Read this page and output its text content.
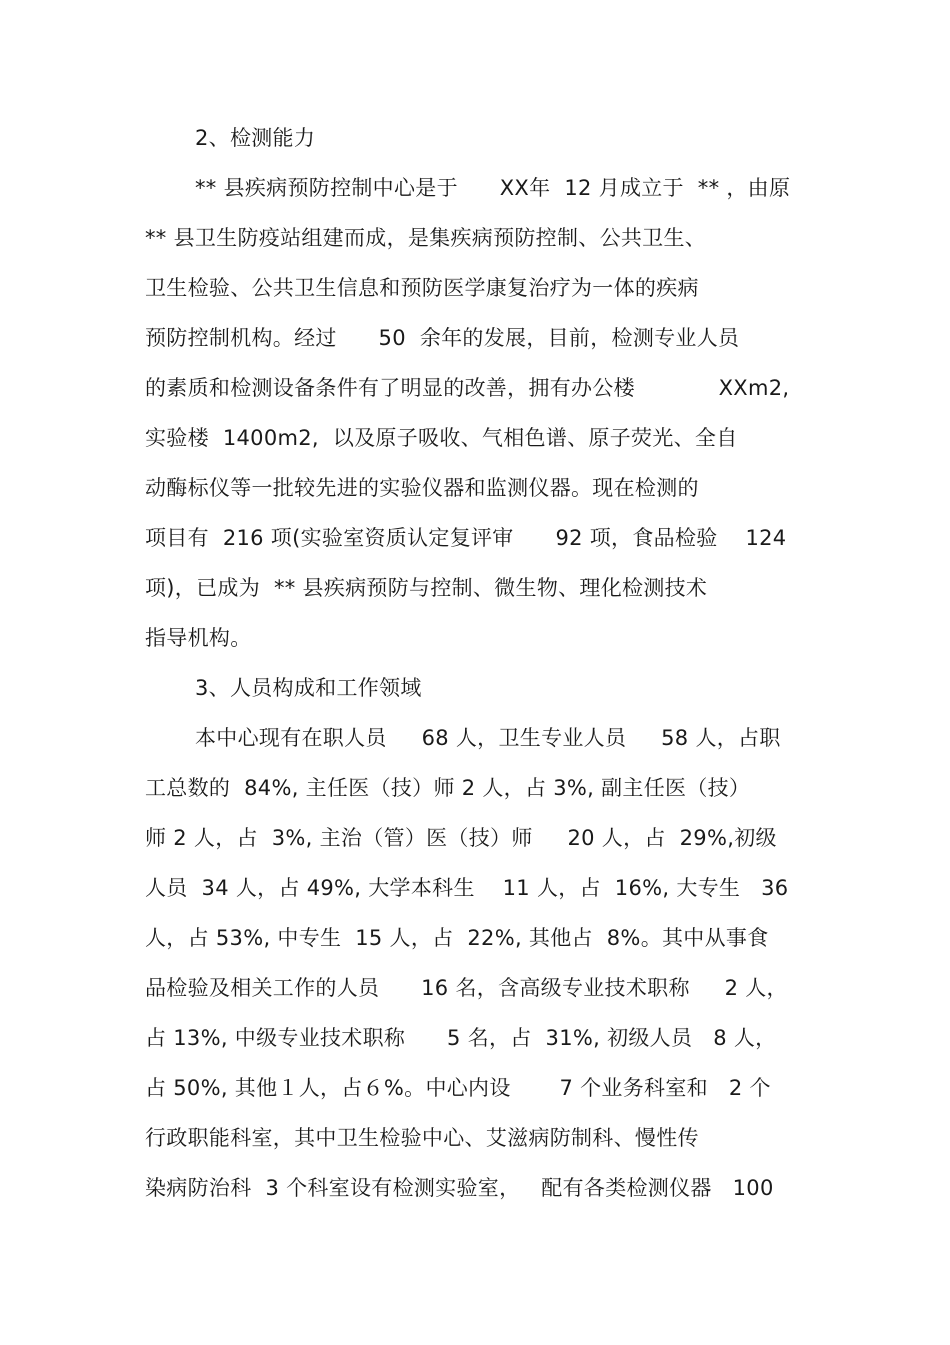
2、检测能力

** 县疾病预防控制中心是于      XX年  12 月成立于  ** ，由原

** 县卫生防疫站组建而成，是集疾病预防控制、公共卫生、

卫生检验、公共卫生信息和预防医学康复治疗为一体的疾病

预防控制机构。经过      50  余年的发展，目前，检测专业人员

的素质和检测设备条件有了明显的改善，拥有办公楼            XXm2,

实验楼  1400m2,  以及原子吸收、气相色谱、原子荧光、全自

动酶标仪等一批较先进的实验仪器和监测仪器。现在检测的

项目有  216 项(实验室资质认定复评审      92 项，食品检验    124

项)，已成为  ** 县疾病预防与控制、微生物、理化检测技术

指导机构。

3、人员构成和工作领域

本中心现有在职人员     68 人，卫生专业人员     58 人，占职

工总数的  84%, 主任医（技）师 2 人，占 3%, 副主任医（技）

师 2 人，占  3%, 主治（管）医（技）师     20 人，占  29%,初级

人员  34 人，占 49%, 大学本科生    11 人，占  16%, 大专生   36

人，占 53%, 中专生  15 人，占  22%, 其他占  8%。其中从事食

品检验及相关工作的人员      16 名，含高级专业技术职称     2 人，

占 13%, 中级专业技术职称      5 名，占  31%, 初级人员   8 人，

占 50%, 其他１人，占６%。中心内设       7 个业务科室和   2 个

行政职能科室，其中卫生检验中心、艾滋病防制科、慢性传

染病防治科  3 个科室设有检测实验室，   配有各类检测仪器   100
